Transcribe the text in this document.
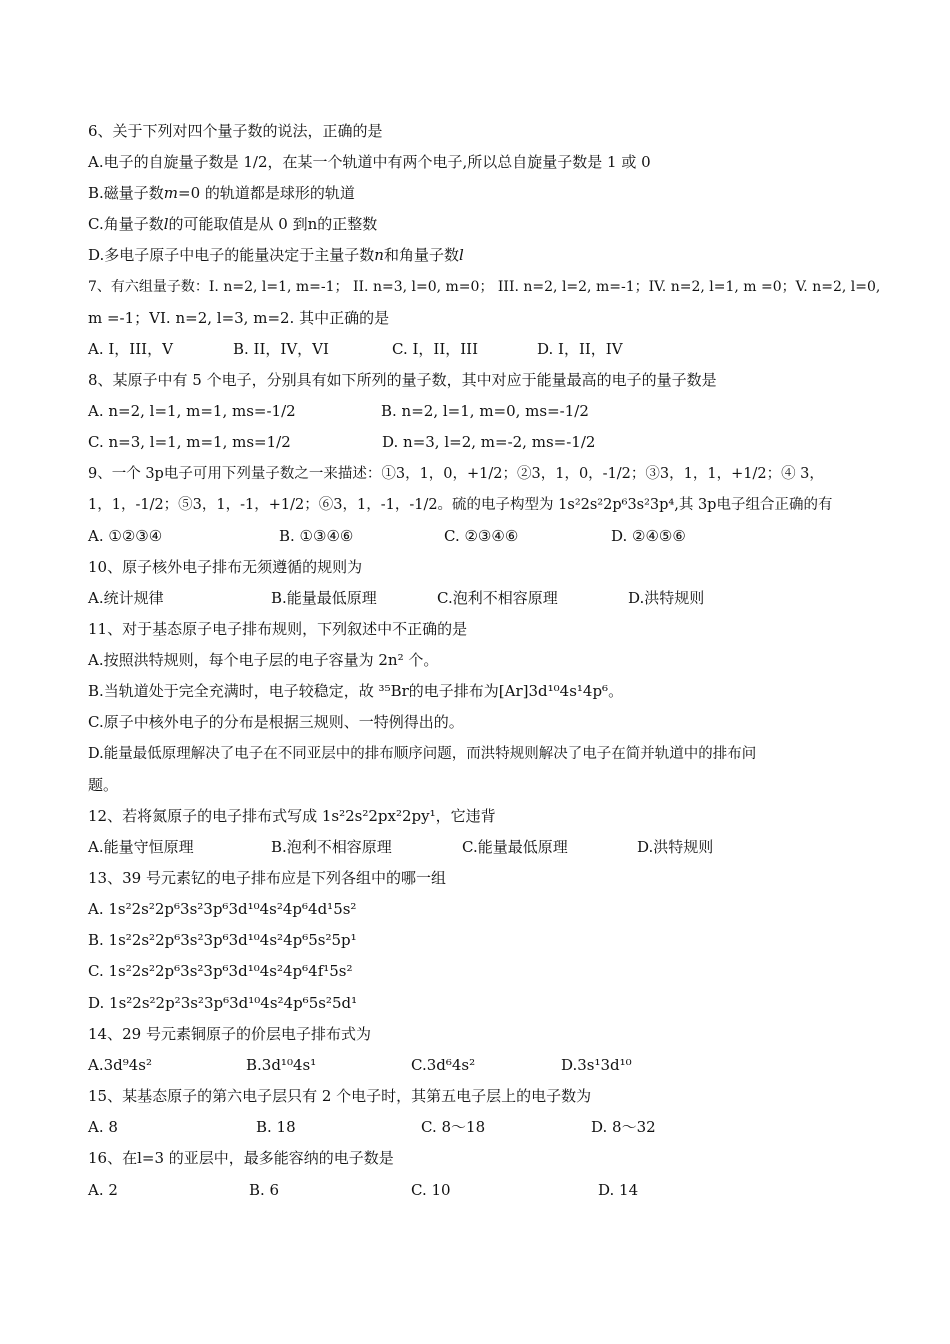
6、关于下列对四个量子数的说法，正确的是
A.电子的自旋量子数是 1/2，在某一个轨道中有两个电子,所以总自旋量子数是 1 或 0
B.磁量子数m=0 的轨道都是球形的轨道
C.角量子数l的可能取值是从 0 到n的正整数
D.多电子原子中电子的能量决定于主量子数n和角量子数l
7、有六组量子数：I. n=2, l=1, m=-1； II. n=3, l=0, m=0； III. n=2, l=2, m=-1；IV. n=2, l=1, m =0；V. n=2, l=0,
m =-1；VI. n=2, l=3, m=2. 其中正确的是
A. I，III，V	B. II，IV，VI	C. I，II，III	D. I，II，IV
8、某原子中有 5 个电子，分别具有如下所列的量子数，其中对应于能量最高的电子的量子数是
A. n=2, l=1, m=1, ms=-1/2	B. n=2, l=1, m=0, ms=-1/2
C. n=3, l=1, m=1, ms=1/2	D. n=3, l=2, m=-2, ms=-1/2
9、一个 3p电子可用下列量子数之一来描述：①3，1，0，+1/2；②3，1，0，-1/2；③3，1，1，+1/2；④ 3，
1，1，-1/2；⑤3，1，-1，+1/2；⑥3，1，-1，-1/2。硫的电子构型为 1s²2s²2p⁶3s²3p⁴,其 3p电子组合正确的有
A. ①②③④	B. ①③④⑥	C. ②③④⑥	D. ②④⑤⑥
10、原子核外电子排布无须遵循的规则为
A.统计规律	B.能量最低原理	C.泡利不相容原理	D.洪特规则
11、对于基态原子电子排布规则，下列叙述中不正确的是
A.按照洪特规则，每个电子层的电子容量为 2n² 个。
B.当轨道处于完全充满时，电子较稳定，故 ³⁵Br的电子排布为[Ar]3d¹⁰4s¹4p⁶。
C.原子中核外电子的分布是根据三规则、一特例得出的。
D.能量最低原理解决了电子在不同亚层中的排布顺序问题，而洪特规则解决了电子在简并轨道中的排布问
题。
12、若将氮原子的电子排布式写成 1s²2s²2px²2py¹，它违背
A.能量守恒原理	B.泡利不相容原理	C.能量最低原理	D.洪特规则
13、39 号元素钇的电子排布应是下列各组中的哪一组
A. 1s²2s²2p⁶3s²3p⁶3d¹⁰4s²4p⁶4d¹5s²
B. 1s²2s²2p⁶3s²3p⁶3d¹⁰4s²4p⁶5s²5p¹
C. 1s²2s²2p⁶3s²3p⁶3d¹⁰4s²4p⁶4f¹5s²
D. 1s²2s²2p²3s²3p⁶3d¹⁰4s²4p⁶5s²5d¹
14、29 号元素铜原子的价层电子排布式为
A.3d⁹4s²	B.3d¹⁰4s¹	C.3d⁶4s²	D.3s¹3d¹⁰
15、某基态原子的第六电子层只有 2 个电子时，其第五电子层上的电子数为
A. 8	B. 18	C. 8～18	D. 8～32
16、在l=3 的亚层中，最多能容纳的电子数是
A. 2	B. 6	C. 10	D. 14
